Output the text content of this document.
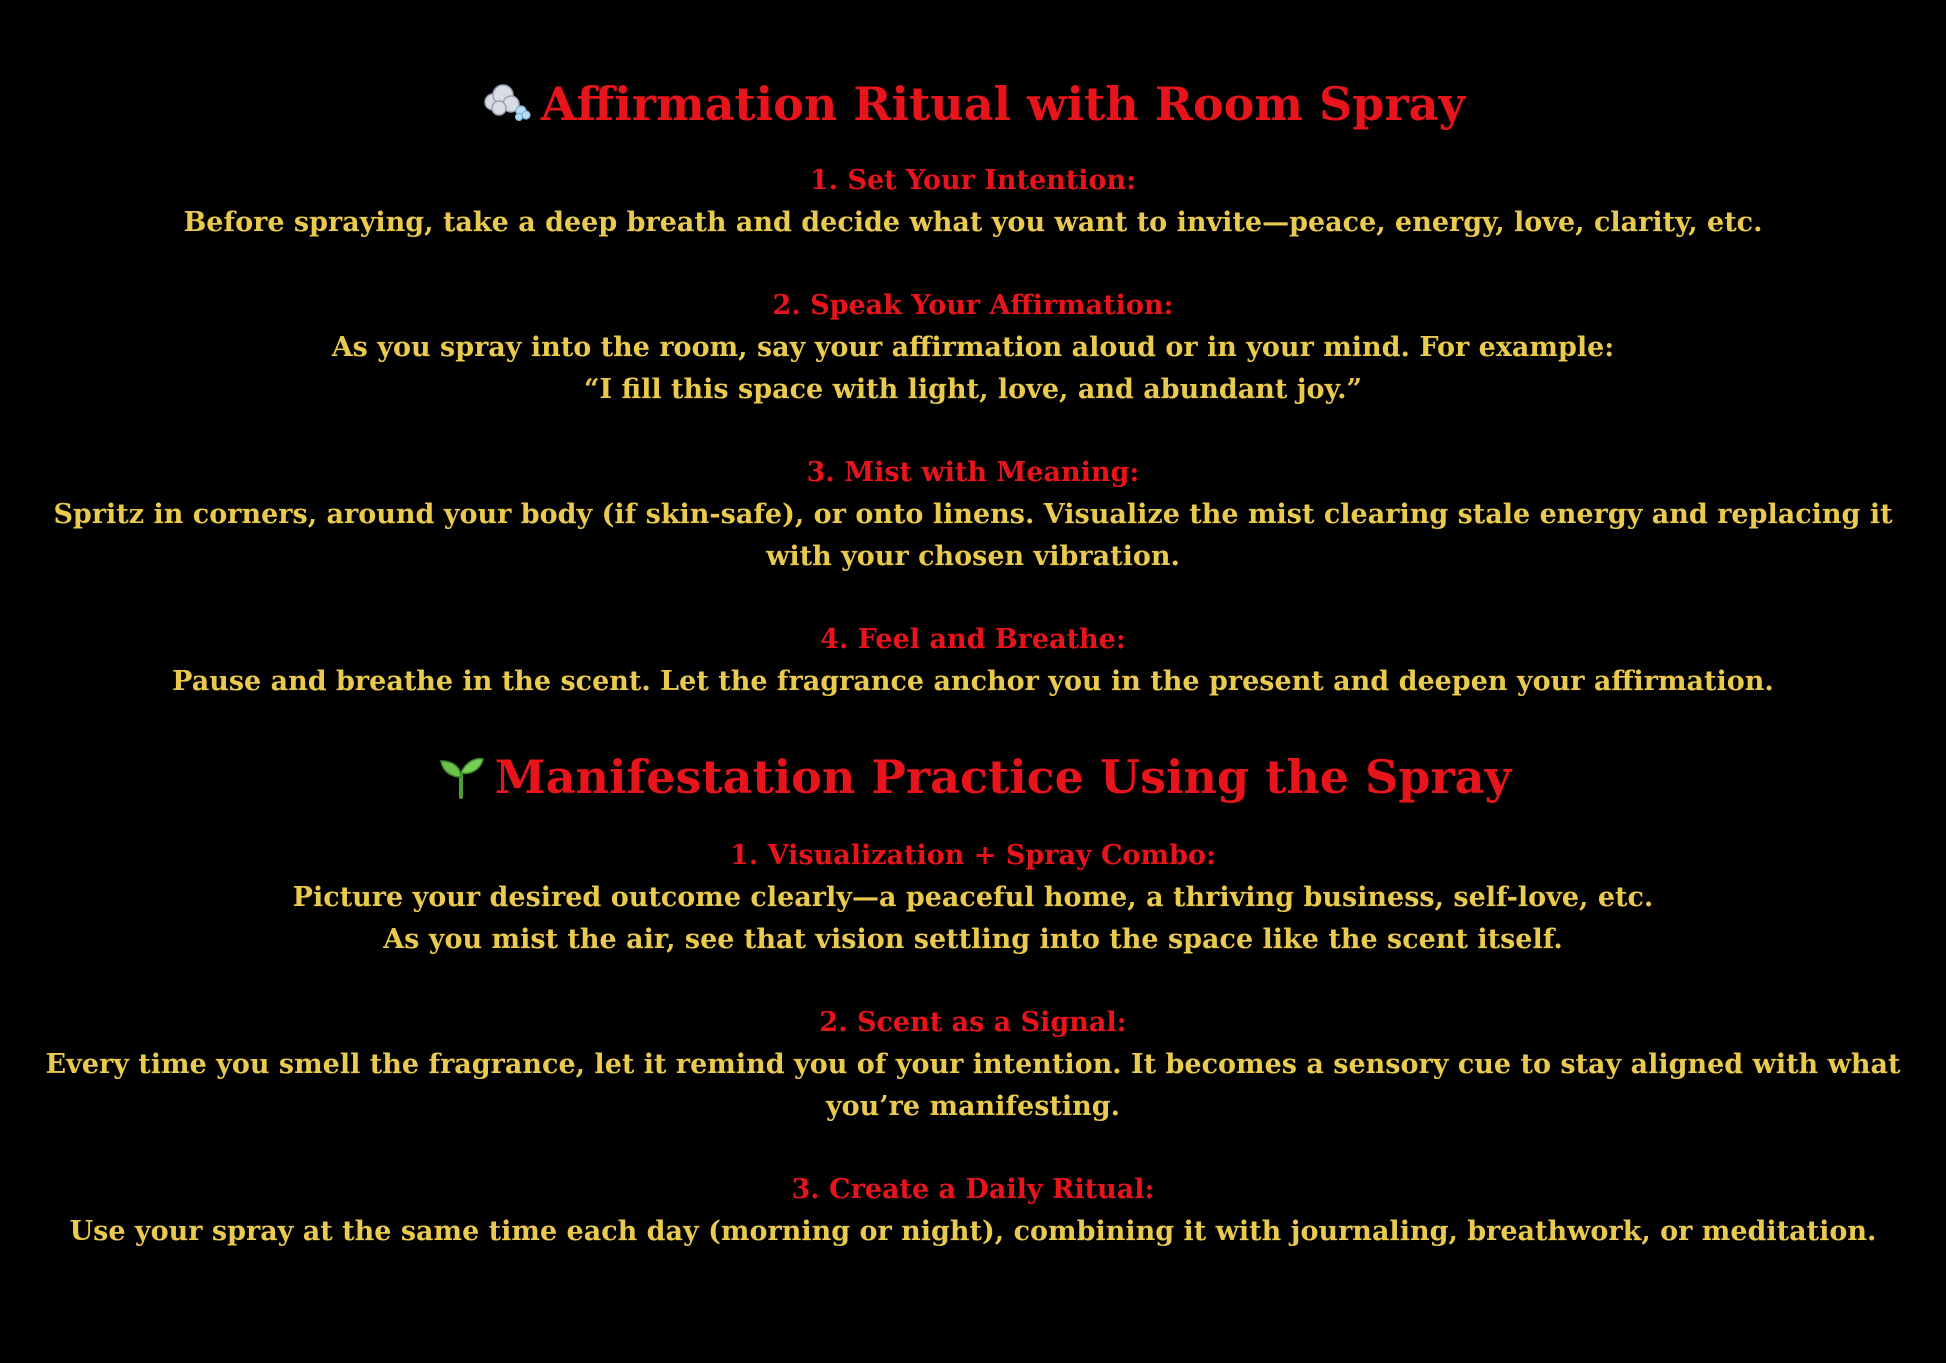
Affirmation Ritual with Room Spray
1. Set Your Intention:
Before spraying, take a deep breath and decide what you want to invite—peace, energy, love, clarity, etc.
2. Speak Your Affirmation:
As you spray into the room, say your affirmation aloud or in your mind. For example:
“I fill this space with light, love, and abundant joy.”
3. Mist with Meaning:
Spritz in corners, around your body (if skin-safe), or onto linens. Visualize the mist clearing stale energy and replacing it with your chosen vibration.
4. Feel and Breathe:
Pause and breathe in the scent. Let the fragrance anchor you in the present and deepen your affirmation.
Manifestation Practice Using the Spray
1. Visualization + Spray Combo:
Picture your desired outcome clearly—a peaceful home, a thriving business, self-love, etc.
As you mist the air, see that vision settling into the space like the scent itself.
2. Scent as a Signal:
Every time you smell the fragrance, let it remind you of your intention. It becomes a sensory cue to stay aligned with what you’re manifesting.
3. Create a Daily Ritual:
Use your spray at the same time each day (morning or night), combining it with journaling, breathwork, or meditation.
